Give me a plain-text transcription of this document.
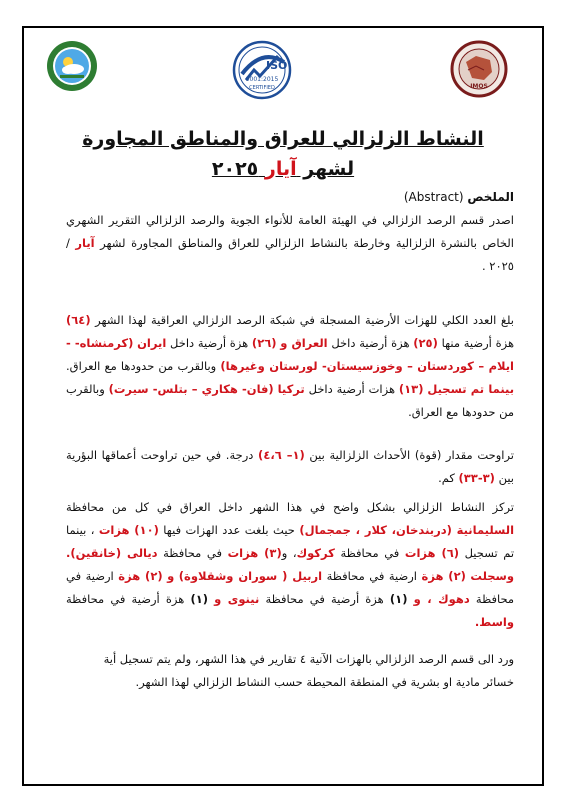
ISO
9001:2015
CERTIFIED	IMOS
النشاط الزلزالي للعراق والمناطق المجاورة
لشهر آيار ٢٠٢٥
الملخص (Abstract)

اصدر قسم الرصد الزلزالي في الهيئة العامة للأنواء الجوية والرصد الزلزالي التقرير الشهري الخاص بالنشرة الزلزالية وخارطة بالنشاط الزلزالي للعراق والمناطق المجاورة لشهر آيار /٢٠٢٥ .

بلغ العدد الكلي للهزات الأرضية المسجلة في شبكة الرصد الزلزالي العراقية لهذا الشهر (٦٤) هزة أرضية منها (٢٥) هزة أرضية داخل العراق و (٢٦) هزة أرضية داخل ايران (كرمنشاه- - ايلام – كوردستان – وخوزسيستان- لورستان وغيرها) وبالقرب من حدودها مع العراق. بينما تم تسجيل (١٣) هزات أرضية داخل تركيا (فان- هكاري – بتلس- سيرت) وبالقرب من حدودها مع العراق.

تراوحت مقدار (قوة) الأحداث الزلزالية بين (١– ٤،٦) درجة. في حين تراوحت أعماقها البؤرية بين (٣-٣٣) كم.

تركز النشاط الزلزالي بشكل واضح في هذا الشهر داخل العراق في كل من محافظة السليمانية (دربندخان، كلار ، جمجمال) حيث بلغت عدد الهزات فيها (١٠) هزات ، بينما تم تسجيل (٦) هزات في محافظة كركوك، و(٣) هزات في محافظة ديالى (خانقين). وسجلت (٢) هزة ارضية في محافظة اربيل ( سوران وشقلاوة) و (٢) هزة ارضية في محافظة دهوك ، و (١) هزة أرضية في محافظة نينوى و (١) هزة أرضية في محافظة واسط.

ورد الى قسم الرصد الزلزالي بالهزات الآنية ٤ تقارير في هذا الشهر، ولم يتم تسجيل أية

خسائر مادية او بشرية في المنطقة المحيطة حسب النشاط الزلزالي لهذا الشهر.
